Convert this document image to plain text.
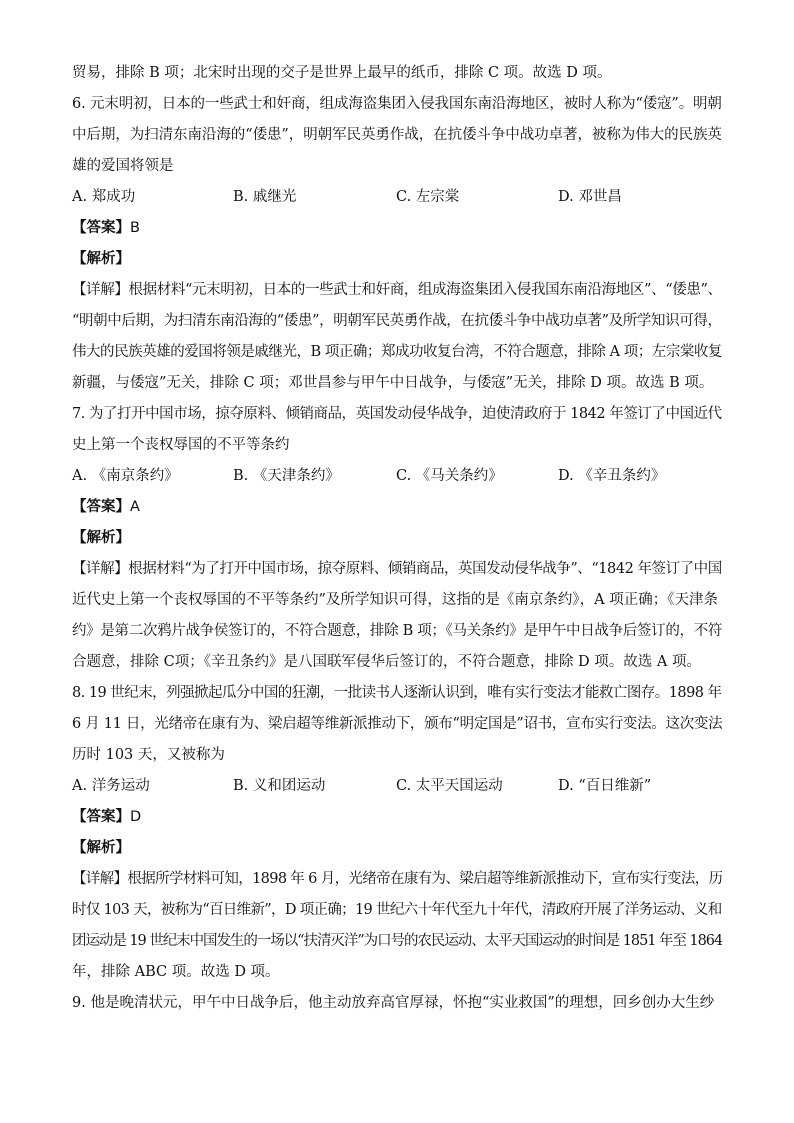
贸易，排除 B 项；北宋时出现的交子是世界上最早的纸币，排除 C 项。故选 D 项。
6. 元末明初，日本的一些武士和奸商，组成海盗集团入侵我国东南沿海地区，被时人称为“倭寇”。明朝
中后期，为扫清东南沿海的“倭患”，明朝军民英勇作战，在抗倭斗争中战功卓著，被称为伟大的民族英
雄的爱国将领是
A. 郑成功	B. 戚继光	C. 左宗棠	D. 邓世昌
【答案】B
【解析】
【详解】根据材料“元末明初，日本的一些武士和奸商，组成海盗集团入侵我国东南沿海地区”、“倭患”、
“明朝中后期，为扫清东南沿海的“倭患”，明朝军民英勇作战，在抗倭斗争中战功卓著”及所学知识可得，
伟大的民族英雄的爱国将领是戚继光，B 项正确；郑成功收复台湾，不符合题意，排除 A 项；左宗棠收复
新疆，与倭寇”无关，排除 C 项；邓世昌参与甲午中日战争，与倭寇”无关，排除 D 项。故选 B 项。
7. 为了打开中国市场，掠夺原料、倾销商品，英国发动侵华战争，迫使清政府于 1842 年签订了中国近代
史上第一个丧权辱国的不平等条约
A. 《南京条约》	B. 《天津条约》	C. 《马关条约》	D. 《辛丑条约》
【答案】A
【解析】
【详解】根据材料“为了打开中国市场，掠夺原料、倾销商品，英国发动侵华战争”、“1842 年签订了中国
近代史上第一个丧权辱国的不平等条约”及所学知识可得，这指的是《南京条约》，A 项正确；《天津条
约》是第二次鸦片战争侯签订的，不符合题意，排除 B 项；《马关条约》是甲午中日战争后签订的，不符
合题意，排除 C项；《辛丑条约》是八国联军侵华后签订的，不符合题意，排除 D 项。故选 A 项。
8. 19 世纪末，列强掀起瓜分中国的狂潮，一批读书人逐渐认识到，唯有实行变法才能救亡图存。1898 年
6 月 11 日，光绪帝在康有为、梁启超等维新派推动下，颁布“明定国是”诏书，宣布实行变法。这次变法
历时 103 天，又被称为
A. 洋务运动	B. 义和团运动	C. 太平天国运动	D. “百日维新”
【答案】D
【解析】
【详解】根据所学材料可知，1898 年 6 月，光绪帝在康有为、梁启超等维新派推动下，宣布实行变法，历
时仅 103 天，被称为“百日维新”，D 项正确；19 世纪六十年代至九十年代，清政府开展了洋务运动、义和
团运动是 19 世纪末中国发生的一场以“扶清灭洋”为口号的农民运动、太平天国运动的时间是 1851 年至 1864
年，排除 ABC 项。故选 D 项。
9. 他是晚清状元，甲午中日战争后，他主动放弃高官厚禄，怀抱“实业救国”的理想，回乡创办大生纱
